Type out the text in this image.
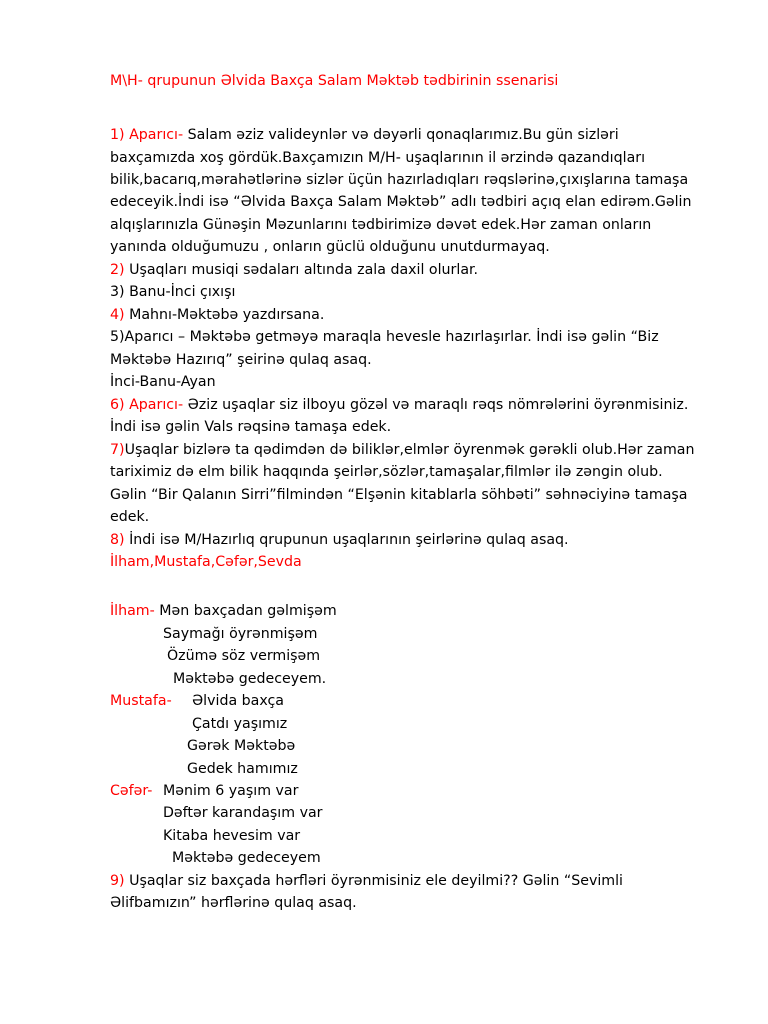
M\H- qrupunun Əlvida Baxça Salam Məktəb tədbirinin ssenarisi
1) Aparıcı- Salam əziz valideynlər və dəyərli qonaqlarımız.Bu gün sizləri
baxçamızda xoş gördük.Baxçamızın M/H- uşaqlarının il ərzində qazandıqları
bilik,bacarıq,mərahətlərinə sizlər üçün hazırladıqları rəqslərinə,çıxışlarına tamaşa
edeceyik.İndi isə “Əlvida Baxça Salam Məktəb” adlı tədbiri açıq elan edirəm.Gəlin
alqışlarınızla Günəşin Məzunlarını tədbirimizə dəvət edek.Hər zaman onların
yanında olduğumuzu , onların güclü olduğunu unutdurmayaq.
2) Uşaqları musiqi sədaları altında zala daxil olurlar.
3) Banu-İnci çıxışı
4) Mahnı-Məktəbə yazdırsana.
5)Aparıcı – Məktəbə getməyə maraqla hevesle hazırlaşırlar. İndi isə gəlin “Biz
Məktəbə Hazırıq” şeirinə qulaq asaq.
İnci-Banu-Ayan
6) Aparıcı- Əziz uşaqlar siz ilboyu gözəl və maraqlı rəqs nömrələrini öyrənmisiniz.
İndi isə gəlin Vals rəqsinə tamaşa edek.
7)Uşaqlar bizlərə ta qədimdən də biliklər,elmlər öyrenmək gərəkli olub.Hər zaman
tariximiz də elm bilik haqqında şeirlər,sözlər,tamaşalar,filmlər ilə zəngin olub.
Gəlin “Bir Qalanın Sirri”filmindən “Elşənin kitablarla söhbəti” səhnəciyinə tamaşa
edek.
8) İndi isə M/Hazırlıq qrupunun uşaqlarının şeirlərinə qulaq asaq.
İlham,Mustafa,Cəfər,Sevda
İlham- Mən baxçadan gəlmişəm
Saymağı öyrənmişəm
Özümə söz vermişəm
Məktəbə gedeceyem.
Mustafa- Əlvida baxça
Çatdı yaşımız
Gərək Məktəbə
Gedek hamımız
Cəfər- Mənim 6 yaşım var
Dəftər karandaşım var
Kitaba hevesim var
Məktəbə gedeceyem
9) Uşaqlar siz baxçada hərfləri öyrənmisiniz ele deyilmi?? Gəlin “Sevimli
Əlifbamızın” hərflərinə qulaq asaq.
